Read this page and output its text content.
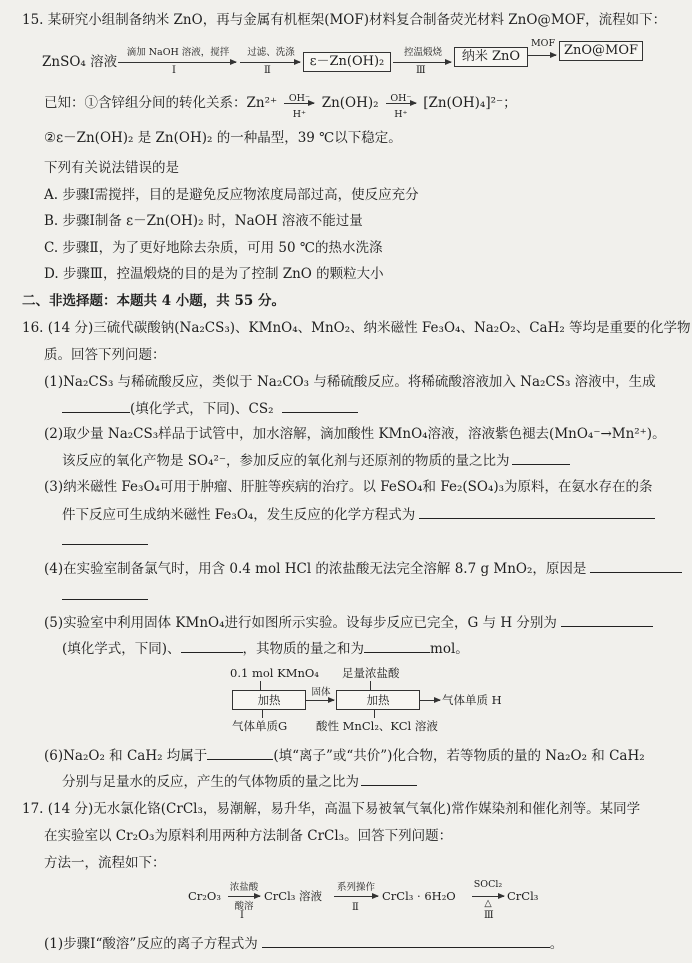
15. 某研究小组制备纳米 ZnO，再与金属有机框架(MOF)材料复合制备荧光材料 ZnO@MOF，流程如下：
ZnSO₄ 溶液
滴加 NaOH 溶液，搅拌
Ⅰ
过滤、洗涤
Ⅱ
ε－Zn(OH)₂
控温煅烧
Ⅲ
纳米 ZnO
MOF ZnO@MOF
已知：①含锌组分间的转化关系：$Zn^{2+} \frac{OH^-}{H^+} Zn(OH)_2 \frac{OH^-}{H^+} [Zn(OH)_4]^{2-}$；
②ε－Zn(OH)₂ 是 Zn(OH)₂ 的一种晶型，39 ℃以下稳定。
下列有关说法错误的是
A. 步骤Ⅰ需搅拌，目的是避免反应物浓度局部过高，使反应充分
B. 步骤Ⅰ制备 ε－Zn(OH)₂ 时，NaOH 溶液不能过量
C. 步骤Ⅱ，为了更好地除去杂质，可用 50 ℃的热水洗涤
D. 步骤Ⅲ，控温煅烧的目的是为了控制 ZnO 的颗粒大小
二、非选择题：本题共 4 小题，共 55 分。
16. (14 分)三硫代碳酸钠(Na₂CS₃)、KMnO₄、MnO₂、纳米磁性 Fe₃O₄、Na₂O₂、CaH₂ 等均是重要的化学物
质。回答下列问题：
(1)Na₂CS₃ 与稀硫酸反应，类似于 Na₂CO₃ 与稀硫酸反应。将稀硫酸溶液加入 Na₂CS₃ 溶液中，生成
(填化学式，下同)、CS₂
(2)取少量 Na₂CS₃样品于试管中，加水溶解，滴加酸性 KMnO₄溶液，溶液紫色褪去(MnO₄⁻→Mn²⁺)。
该反应的氧化产物是 SO₄²⁻，参加反应的氧化剂与还原剂的物质的量之比为
(3)纳米磁性 Fe₃O₄可用于肿瘤、肝脏等疾病的治疗。以 FeSO₄和 Fe₂(SO₄)₃为原料，在氨水存在的条
件下反应可生成纳米磁性 Fe₃O₄，发生反应的化学方程式为
(4)在实验室制备氯气时，用含 0.4 mol HCl 的浓盐酸无法完全溶解 8.7 g MnO₂，原因是
(5)实验室中利用固体 KMnO₄进行如图所示实验。设每步反应已完全，G 与 H 分别为
(填化学式，下同)、	，其物质的量之和为	mol。
0.1 mol KMnO₄ 足量浓盐酸
加热
固体
加热	气体单质 H
气体单质G	酸性 MnCl₂、KCl 溶液
(6)Na₂O₂ 和 CaH₂ 均属于	(填“离子”或“共价”)化合物，若等物质的量的 Na₂O₂ 和 CaH₂
分别与足量水的反应，产生的气体物质的量之比为
17. (14 分)无水氯化铬(CrCl₃，易潮解，易升华，高温下易被氧气氧化)常作媒染剂和催化剂等。某同学
在实验室以 Cr₂O₃为原料利用两种方法制备 CrCl₃。回答下列问题：
方法一，流程如下：
Cr₂O₃
浓盐酸
酸溶
Ⅰ
CrCl₃ 溶液
系列操作
Ⅱ
CrCl₃ · 6H₂O
SOCl₂
△
Ⅲ
CrCl₃
(1)步骤Ⅰ“酸溶”反应的离子方程式为	。
